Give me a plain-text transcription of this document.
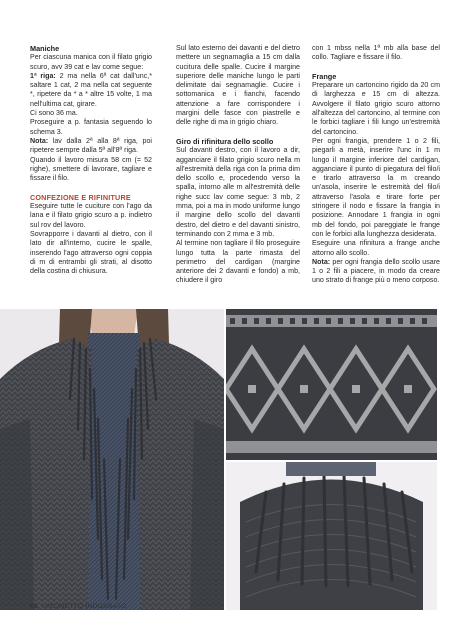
Maniche

Per ciascuna manica con il filato grigio scuro, avv 39 cat e lav come segue:

1ª riga: 2 ma nella 6ª cat dall'unc,* saltare 1 cat, 2 ma nella cat seguente *, ripetere da * a * altre 15 volte, 1 ma nell'ultima cat, girare.

Ci sono 36 ma.

Proseguire a p. fantasia seguendo lo schema 3.

Nota: lav dalla 2ª alla 8ª riga, poi ripetere sempre dalla 5ª all'8ª riga.

Quando il lavoro misura 58 cm (= 52 righe), smettere di lavorare, tagliare e fissare il filo.

CONFEZIONE E RIFINITURE

Eseguire tutte le cuciture con l'ago da lana e il filato grigio scuro a p. indietro sul rov del lavoro.

Sovrapporre i davanti al dietro, con il lato dir all'interno, cucire le spalle, inserendo l'ago attraverso ogni coppia di m di entrambi gli strati, al disotto della costina di chiusura.

Sul lato esterno dei davanti e del dietro mettere un segnamaglia a 15 cm dalla cucitura delle spalle. Cucire il margine superiore delle maniche lungo le parti delimitate dai segnamaglie. Cucire i sottomanica e i fianchi, facendo attenzione a fare corrispondere i margini delle fasce con piastrelle e delle righe di ma in grigio chiaro.

Giro di rifinitura dello scollo

Sul davanti destro, con il lavoro a dir, agganciare il filato grigio scuro nella m all'estremità della riga con la prima dim dello scollo e, procedendo verso la spalla, intorno alle m all'estremità delle righe succ lav come segue: 3 mb, 2 mma, poi a ma in modo uniforme lungo il margine dello scollo del davanti destro, del dietro e del davanti sinistro, terminando con 2 mma e 3 mb.

Al termine non tagliare il filo proseguire lungo tutta la parte rimasta del perimetro del cardigan (margine anteriore dei 2 davanti e fondo) a mb, chiudere il giro

con 1 mbss nella 1ª mb alla base del collo. Tagliare e fissare il filo.

Frange

Preparare un cartoncino rigido da 20 cm di larghezza e 15 cm di altezza. Avvolgere il filato grigio scuro attorno all'altezza del cartoncino, al termine con le forbici tagliare i fili lungo un'estremità del cartoncino.

Per ogni frangia, prendere 1 o 2 fili, piegarli a metà, inserire l'unc in 1 m lungo il margine inferiore del cardigan, agganciare il punto di piegatura del filo/i e tirarlo attraverso la m creando un'asola, inserire le estremità del filo/i attraverso l'asola e tirare forte per stringere il nodo e fissare la frangia in posizione. Annodare 1 frangia in ogni mb del fondo, poi pareggiate le frange con le forbici alla lunghezza desiderata.

Eseguire una rifinitura a frange anche attorno allo scollo.

Nota: per ogni frangia dello scollo usare 1 o 2 fili a piacere, in modo da creare uno strato di frange più o meno corposo.

68 UNCINETTO INDOSSATO
